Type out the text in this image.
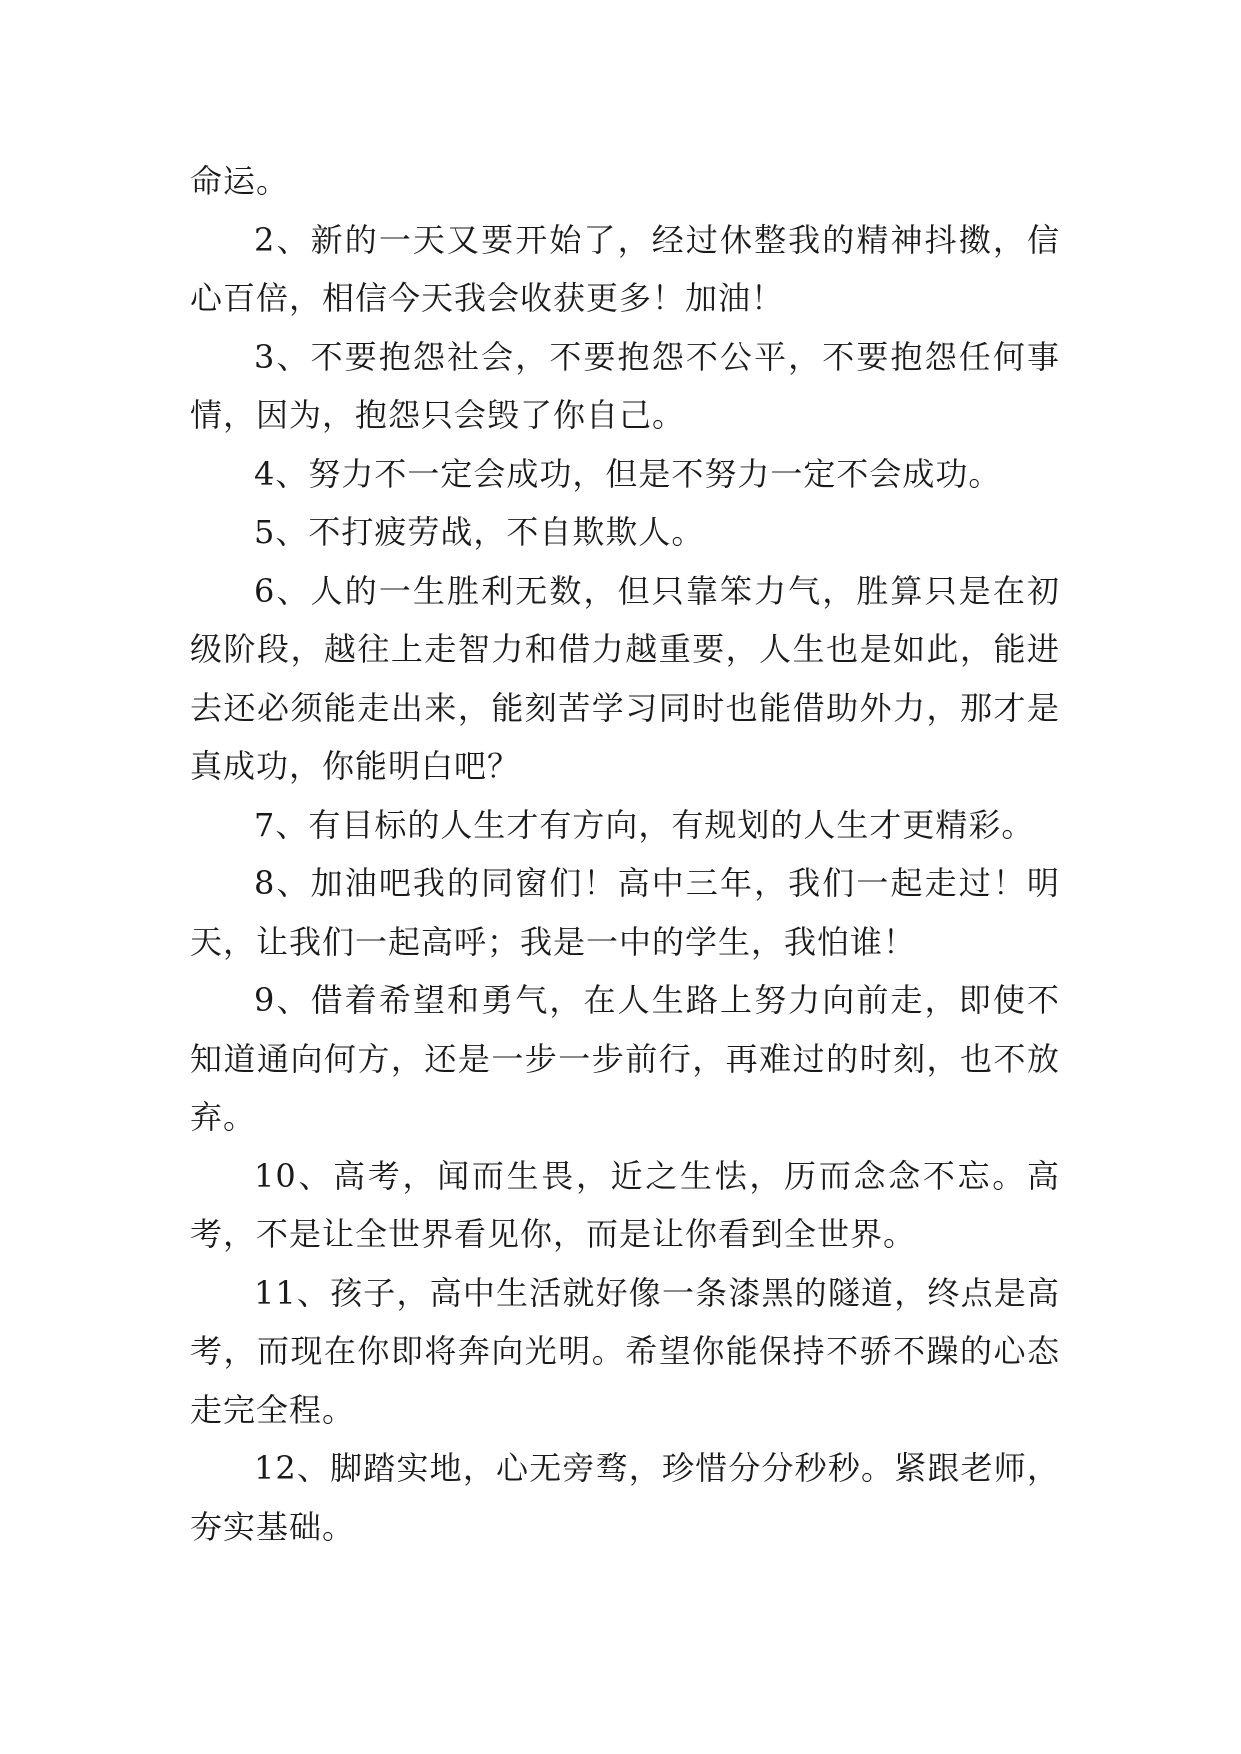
命运。

2、新的一天又要开始了，经过休整我的精神抖擞，信心百倍，相信今天我会收获更多！加油！

3、不要抱怨社会，不要抱怨不公平，不要抱怨任何事情，因为，抱怨只会毁了你自己。

4、努力不一定会成功，但是不努力一定不会成功。

5、不打疲劳战，不自欺欺人。

6、人的一生胜利无数，但只靠笨力气，胜算只是在初级阶段，越往上走智力和借力越重要，人生也是如此，能进去还必须能走出来，能刻苦学习同时也能借助外力，那才是真成功，你能明白吧？

7、有目标的人生才有方向，有规划的人生才更精彩。

8、加油吧我的同窗们！高中三年，我们一起走过！明天，让我们一起高呼；我是一中的学生，我怕谁！

9、借着希望和勇气，在人生路上努力向前走，即使不知道通向何方，还是一步一步前行，再难过的时刻，也不放弃。

10、高考，闻而生畏，近之生怯，历而念念不忘。高考，不是让全世界看见你，而是让你看到全世界。

11、孩子，高中生活就好像一条漆黑的隧道，终点是高考，而现在你即将奔向光明。希望你能保持不骄不躁的心态走完全程。

12、脚踏实地，心无旁骛，珍惜分分秒秒。紧跟老师，夯实基础。
